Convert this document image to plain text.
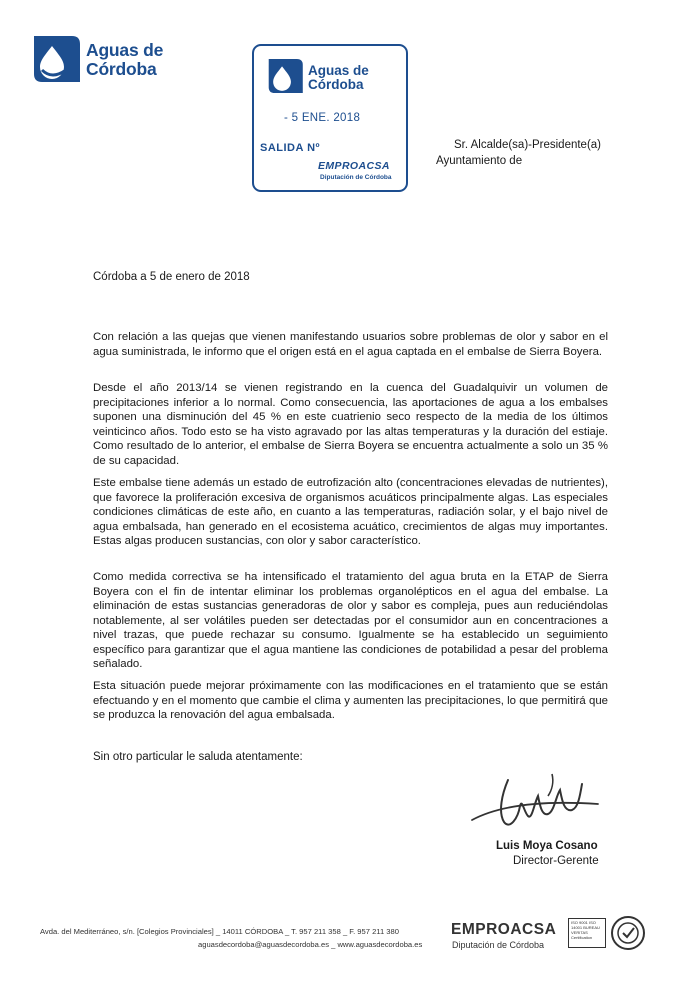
Aguas de
Córdoba	Aguas de
Córdoba
- 5 ENE. 2018
SALIDA Nº
EMPROACSA
Diputación de Córdoba
Sr. Alcalde(sa)-Presidente(a)
Ayuntamiento de
Córdoba a 5 de enero de 2018

Con relación a las quejas que vienen manifestando usuarios sobre problemas de olor y sabor en el agua suministrada, le informo que el origen está en el agua captada en el embalse de Sierra Boyera.

Desde el año 2013/14 se vienen registrando en la cuenca del Guadalquivir un volumen de precipitaciones inferior a lo normal. Como consecuencia, las aportaciones de agua a los embalses suponen una disminución del 45 % en este cuatrienio seco respecto de la media de los últimos veinticinco años. Todo esto se ha visto agravado por las altas temperaturas y la duración del estiaje. Como resultado de lo anterior, el embalse de Sierra Boyera se encuentra actualmente a solo un 35 % de su capacidad.

Este embalse tiene además un estado de eutrofización alto (concentraciones elevadas de nutrientes), que favorece la proliferación excesiva de organismos acuáticos principalmente algas. Las especiales condiciones climáticas de este año, en cuanto a las temperaturas, radiación solar, y el bajo nivel de agua embalsada, han generado en el ecosistema acuático, crecimientos de algas muy importantes. Estas algas producen sustancias, con olor y sabor característico.

Como medida correctiva se ha intensificado el tratamiento del agua bruta en la ETAP de Sierra Boyera con el fin de intentar eliminar los problemas organolépticos en el agua del embalse. La eliminación de estas sustancias generadoras de olor y sabor es compleja, pues aun reduciéndolas notablemente, al ser volátiles pueden ser detectadas por el consumidor aun en concentraciones a nivel trazas, que puede rechazar su consumo. Igualmente se ha establecido un seguimiento específico para garantizar que el agua mantiene las condiciones de potabilidad a pesar del problema señalado.

Esta situación puede mejorar próximamente con las modificaciones en el tratamiento que se están efectuando y en el momento que cambie el clima y aumenten las precipitaciones, lo que permitirá que se produzca la renovación del agua embalsada.

Sin otro particular le saluda atentamente:
Luis Moya Cosano
Director-Gerente
Avda. del Mediterráneo, s/n. [Colegios Provinciales] _ 14011 CÓRDOBA _ T. 957 211 358 _ F. 957 211 380
aguasdecordoba@aguasdecordoba.es _ www.aguasdecordoba.es
EMPROACSA
Diputación de Córdoba
ISO 9001 ISO 14001 BUREAU VERITAS Certification
